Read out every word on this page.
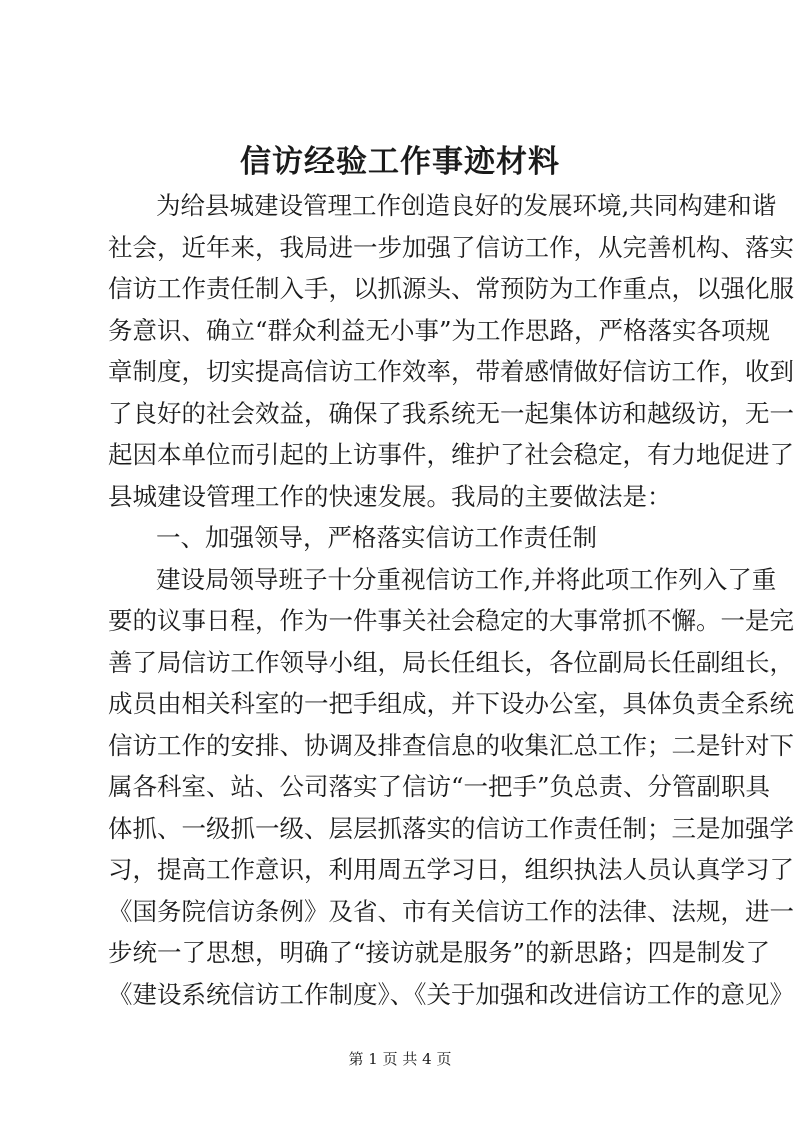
信访经验工作事迹材料
为给县城建设管理工作创造良好的发展环境,共同构建和谐
社会，近年来，我局进一步加强了信访工作，从完善机构、落实
信访工作责任制入手，以抓源头、常预防为工作重点，以强化服
务意识、确立“群众利益无小事”为工作思路，严格落实各项规
章制度，切实提高信访工作效率，带着感情做好信访工作，收到
了良好的社会效益，确保了我系统无一起集体访和越级访，无一
起因本单位而引起的上访事件，维护了社会稳定，有力地促进了
县城建设管理工作的快速发展。我局的主要做法是：
一、加强领导，严格落实信访工作责任制
建设局领导班子十分重视信访工作,并将此项工作列入了重
要的议事日程，作为一件事关社会稳定的大事常抓不懈。一是完
善了局信访工作领导小组，局长任组长，各位副局长任副组长，
成员由相关科室的一把手组成，并下设办公室，具体负责全系统
信访工作的安排、协调及排查信息的收集汇总工作；二是针对下
属各科室、站、公司落实了信访“一把手”负总责、分管副职具
体抓、一级抓一级、层层抓落实的信访工作责任制；三是加强学
习，提高工作意识，利用周五学习日，组织执法人员认真学习了
《国务院信访条例》及省、市有关信访工作的法律、法规，进一
步统一了思想，明确了“接访就是服务”的新思路；四是制发了
《建设系统信访工作制度》、《关于加强和改进信访工作的意见》
第 1 页 共 4 页
